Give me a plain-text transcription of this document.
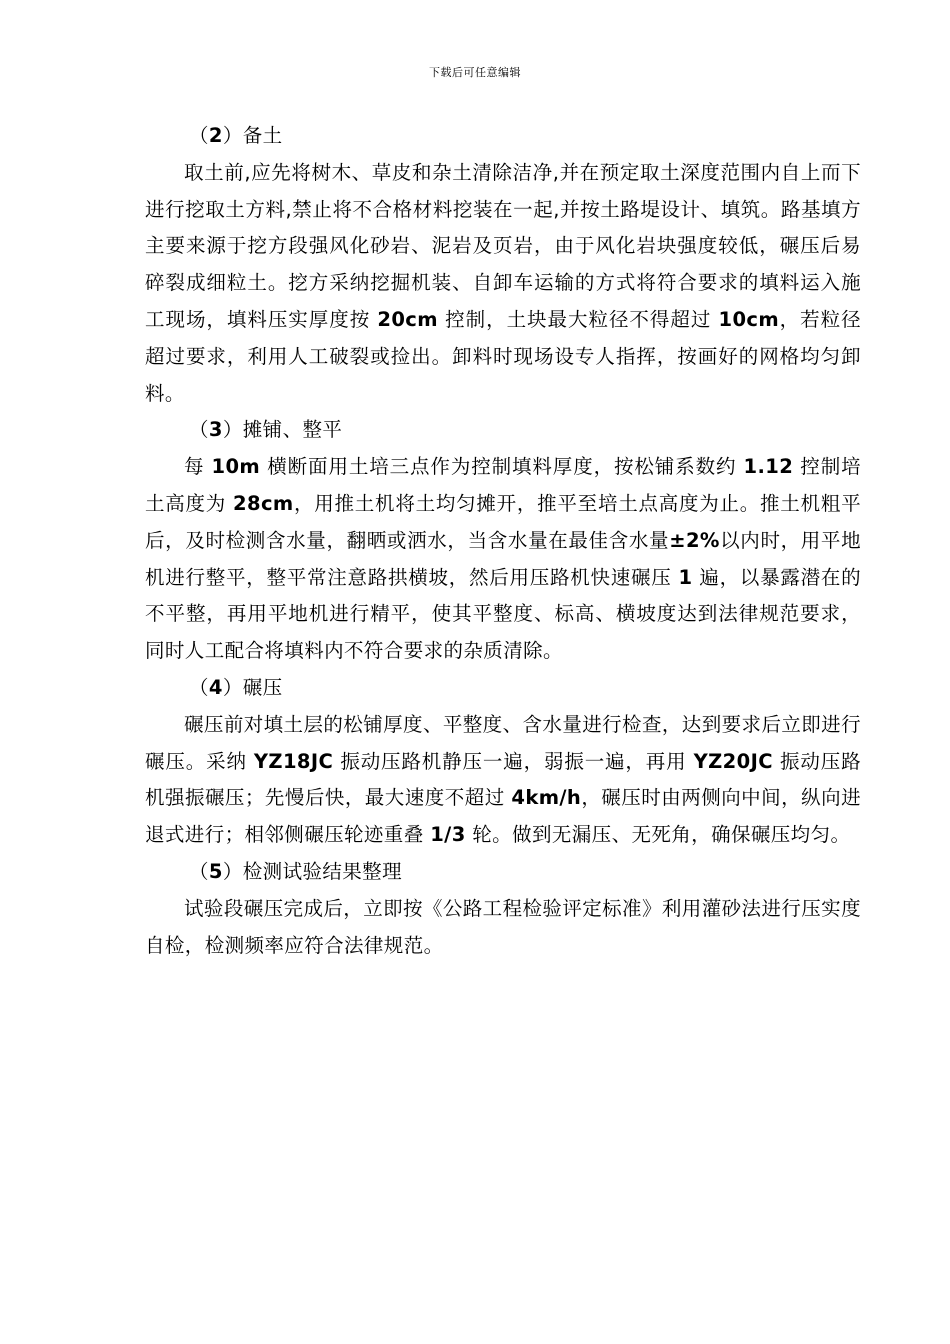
下载后可任意编辑

（2）备土

取土前,应先将树木、草皮和杂土清除洁净,并在预定取土深度范围内自上而下进行挖取土方料,禁止将不合格材料挖装在一起,并按土路堤设计、填筑。路基填方主要来源于挖方段强风化砂岩、泥岩及页岩，由于风化岩块强度较低，碾压后易碎裂成细粒土。挖方采纳挖掘机装、自卸车运输的方式将符合要求的填料运入施工现场，填料压实厚度按 20cm 控制，土块最大粒径不得超过 10cm，若粒径超过要求，利用人工破裂或捡出。卸料时现场设专人指挥，按画好的网格均匀卸料。

（3）摊铺、整平

每 10m 横断面用土培三点作为控制填料厚度，按松铺系数约 1.12 控制培土高度为 28cm，用推土机将土均匀摊开，推平至培土点高度为止。推土机粗平后，及时检测含水量，翻晒或洒水，当含水量在最佳含水量±2%以内时，用平地机进行整平，整平常注意路拱横坡，然后用压路机快速碾压 1 遍，以暴露潜在的不平整，再用平地机进行精平，使其平整度、标高、横坡度达到法律规范要求，同时人工配合将填料内不符合要求的杂质清除。

（4）碾压

碾压前对填土层的松铺厚度、平整度、含水量进行检查，达到要求后立即进行碾压。采纳 YZ18JC 振动压路机静压一遍，弱振一遍，再用 YZ20JC 振动压路机强振碾压；先慢后快，最大速度不超过 4km/h，碾压时由两侧向中间，纵向进退式进行；相邻侧碾压轮迹重叠 1/3 轮。做到无漏压、无死角，确保碾压均匀。

（5）检测试验结果整理

试验段碾压完成后，立即按《公路工程检验评定标准》利用灌砂法进行压实度自检，检测频率应符合法律规范。
